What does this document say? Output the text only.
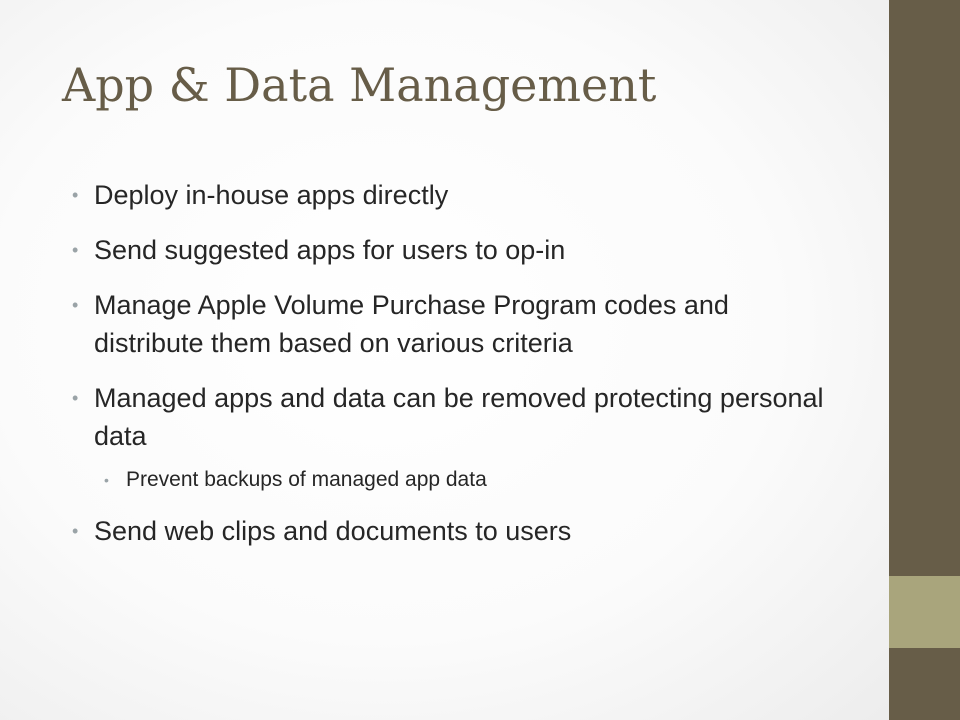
App & Data Management
• Deploy in-house apps directly
• Send suggested apps for users to op-in
• Manage Apple Volume Purchase Program codes and distribute them based on various criteria
• Managed apps and data can be removed protecting personal data
• Prevent backups of managed app data
• Send web clips and documents to users
